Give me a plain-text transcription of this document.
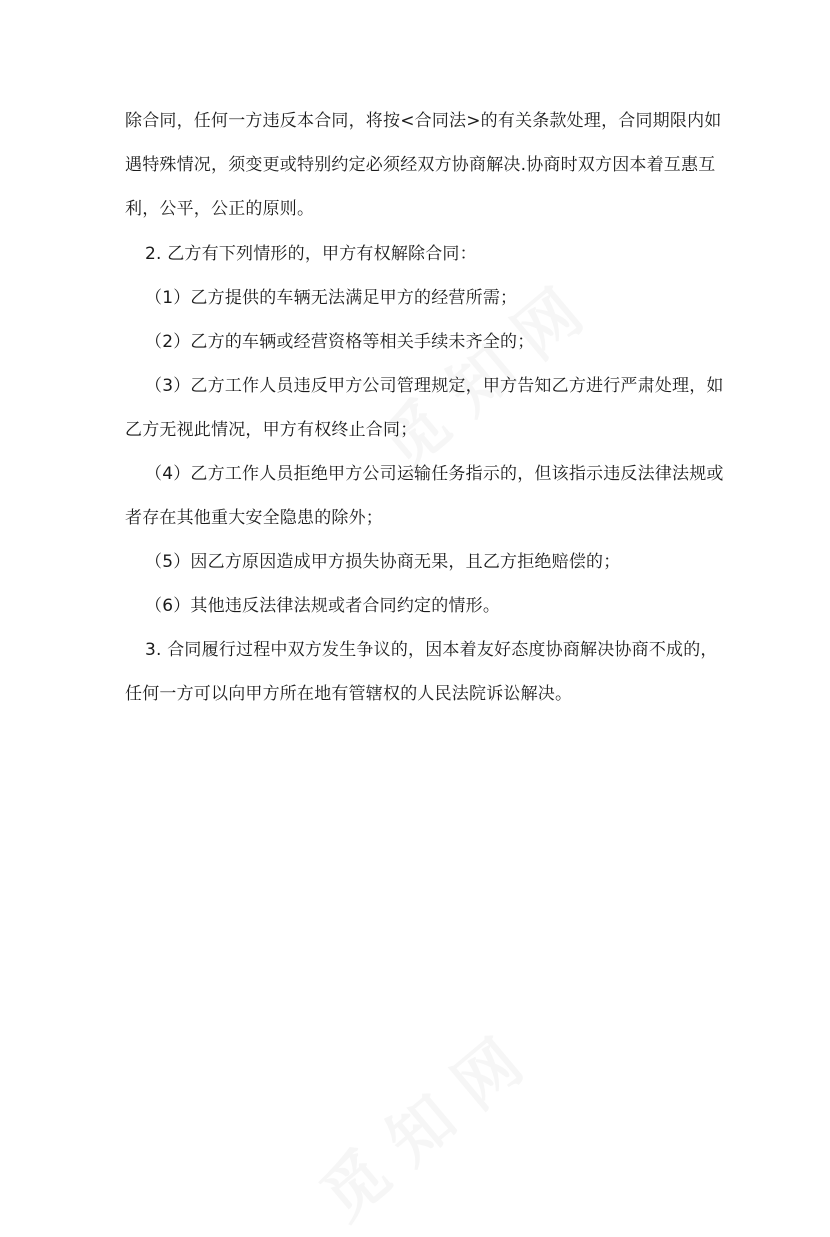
除合同，任何一方违反本合同，将按<合同法>的有关条款处理，合同期限内如
遇特殊情况，须变更或特别约定必须经双方协商解决.协商时双方因本着互惠互
利，公平，公正的原则。
2. 乙方有下列情形的，甲方有权解除合同：
（1）乙方提供的车辆无法满足甲方的经营所需；
（2）乙方的车辆或经营资格等相关手续未齐全的；
（3）乙方工作人员违反甲方公司管理规定，甲方告知乙方进行严肃处理，如
乙方无视此情况，甲方有权终止合同；
（4）乙方工作人员拒绝甲方公司运输任务指示的，但该指示违反法律法规或
者存在其他重大安全隐患的除外；
（5）因乙方原因造成甲方损失协商无果，且乙方拒绝赔偿的；
（6）其他违反法律法规或者合同约定的情形。
3. 合同履行过程中双方发生争议的，因本着友好态度协商解决协商不成的，
任何一方可以向甲方所在地有管辖权的人民法院诉讼解决。
